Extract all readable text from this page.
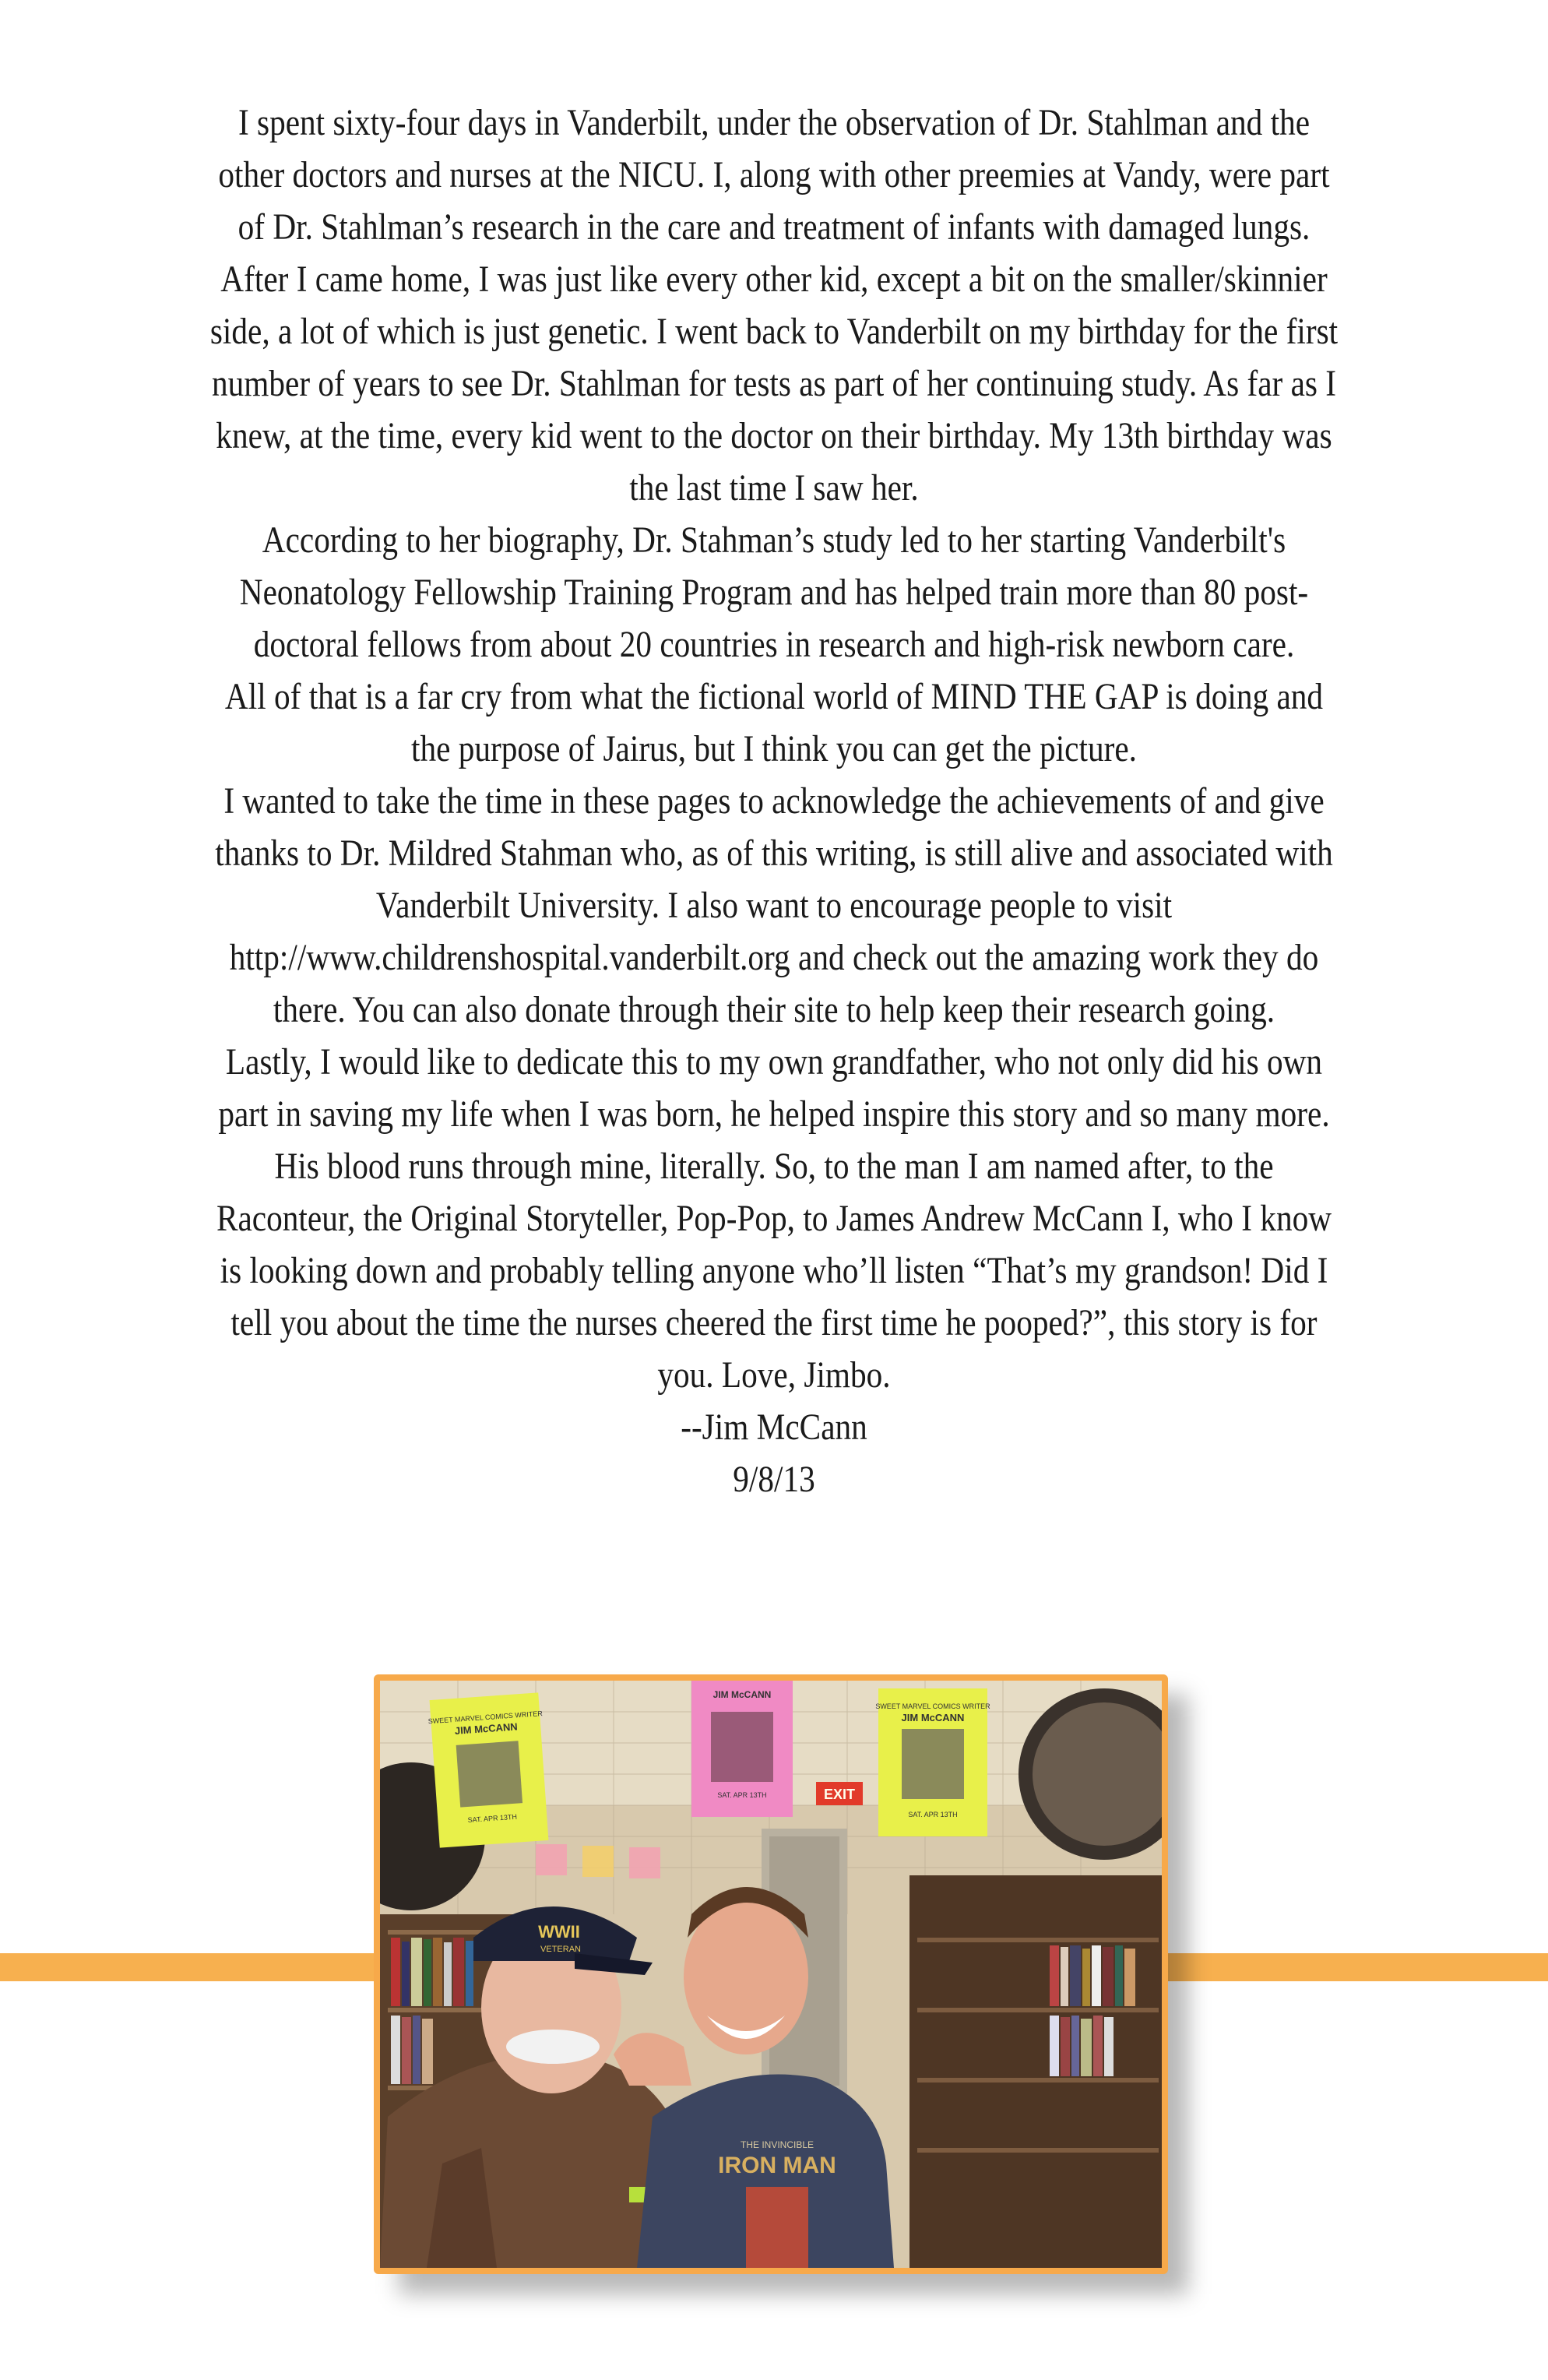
I spent sixty-four days in Vanderbilt, under the observation of Dr. Stahlman and the other doctors and nurses at the NICU. I, along with other preemies at Vandy, were part of Dr. Stahlman’s research in the care and treatment of infants with damaged lungs.

After I came home, I was just like every other kid, except a bit on the smaller/skinnier side, a lot of which is just genetic. I went back to Vanderbilt on my birthday for the first number of years to see Dr. Stahlman for tests as part of her continuing study. As far as I knew, at the time, every kid went to the doctor on their birthday. My 13th birthday was the last time I saw her.

According to her biography, Dr. Stahman’s study led to her starting Vanderbilt's Neonatology Fellowship Training Program and has helped train more than 80 post-doctoral fellows from about 20 countries in research and high-risk newborn care.

All of that is a far cry from what the fictional world of MIND THE GAP is doing and the purpose of Jairus, but I think you can get the picture.

I wanted to take the time in these pages to acknowledge the achievements of and give thanks to Dr. Mildred Stahman who, as of this writing, is still alive and associated with Vanderbilt University. I also want to encourage people to visit http://www.childrenshospital.vanderbilt.org and check out the amazing work they do there. You can also donate through their site to help keep their research going.

Lastly, I would like to dedicate this to my own grandfather, who not only did his own part in saving my life when I was born, he helped inspire this story and so many more. His blood runs through mine, literally. So, to the man I am named after, to the Raconteur, the Original Storyteller, Pop-Pop, to James Andrew McCann I, who I know is looking down and probably telling anyone who’ll listen “That’s my grandson! Did I tell you about the time the nurses cheered the first time he pooped?”, this story is for you. Love, Jimbo.

--Jim McCann

9/8/13

SWEET MARVEL COMICS WRITER
JIM McCANN
SAT. APR 13TH
JIM McCANN
SAT. APR 13TH
SWEET MARVEL COMICS WRITER
JIM McCANN
SAT. APR 13TH
EXIT
WWII
VETERAN
THE INVINCIBLE
IRON MAN
